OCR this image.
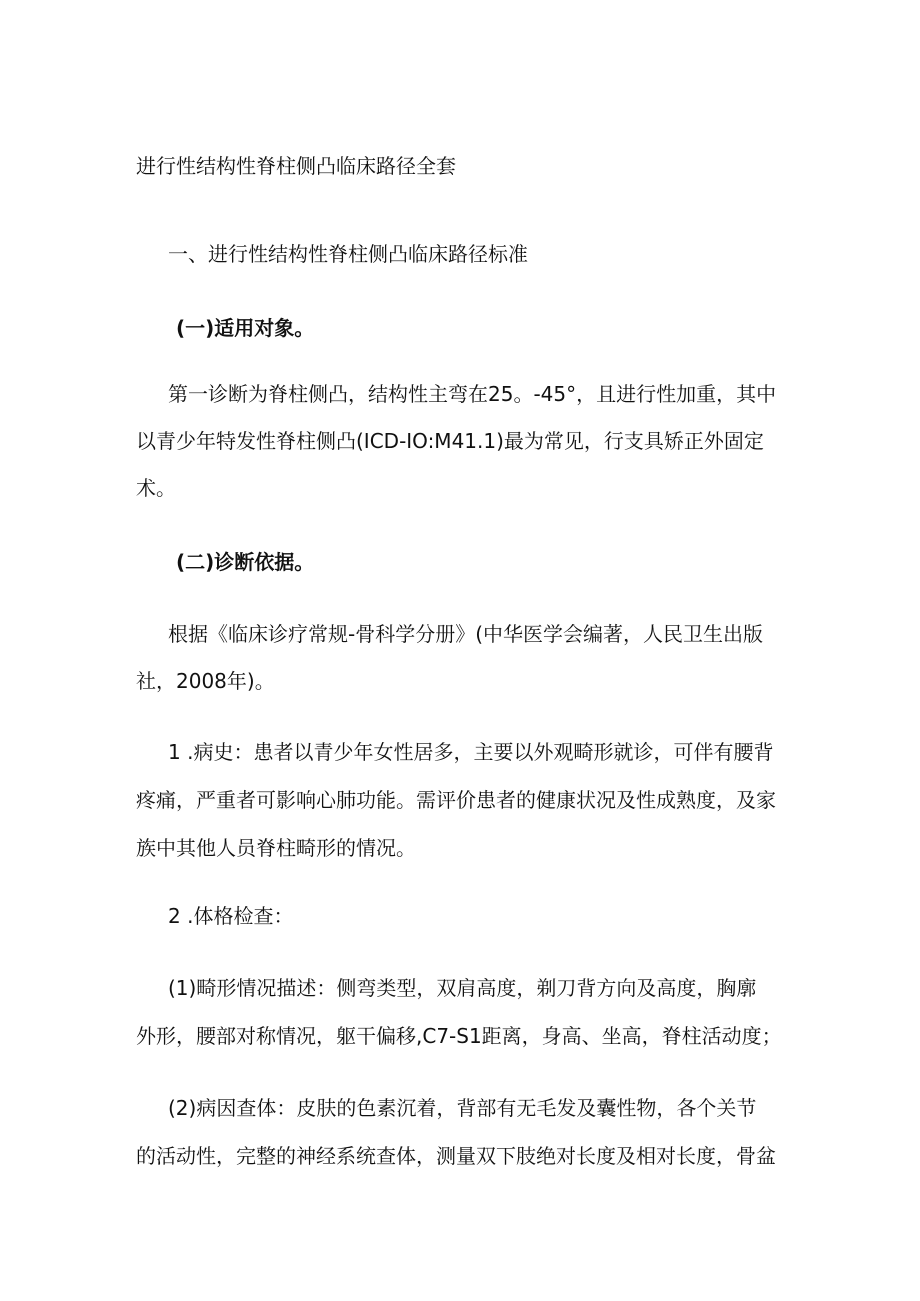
进行性结构性脊柱侧凸临床路径全套
一、进行性结构性脊柱侧凸临床路径标准
(一)适用对象。
第一诊断为脊柱侧凸，结构性主弯在25。-45°，且进行性加重，其中
以青少年特发性脊柱侧凸(ICD-IO:M41.1)最为常见，行支具矫正外固定
术。
(二)诊断依据。
根据《临床诊疗常规-骨科学分册》(中华医学会编著，人民卫生出版
社，2008年)。
1 .病史：患者以青少年女性居多，主要以外观畸形就诊，可伴有腰背
疼痛，严重者可影响心肺功能。需评价患者的健康状况及性成熟度，及家
族中其他人员脊柱畸形的情况。
2 .体格检查：
(1)畸形情况描述：侧弯类型，双肩高度，剃刀背方向及高度，胸廓
外形，腰部对称情况，躯干偏移,C7-S1距离，身高、坐高，脊柱活动度；
(2)病因查体：皮肤的色素沉着，背部有无毛发及囊性物，各个关节
的活动性，完整的神经系统查体，测量双下肢绝对长度及相对长度，骨盆
